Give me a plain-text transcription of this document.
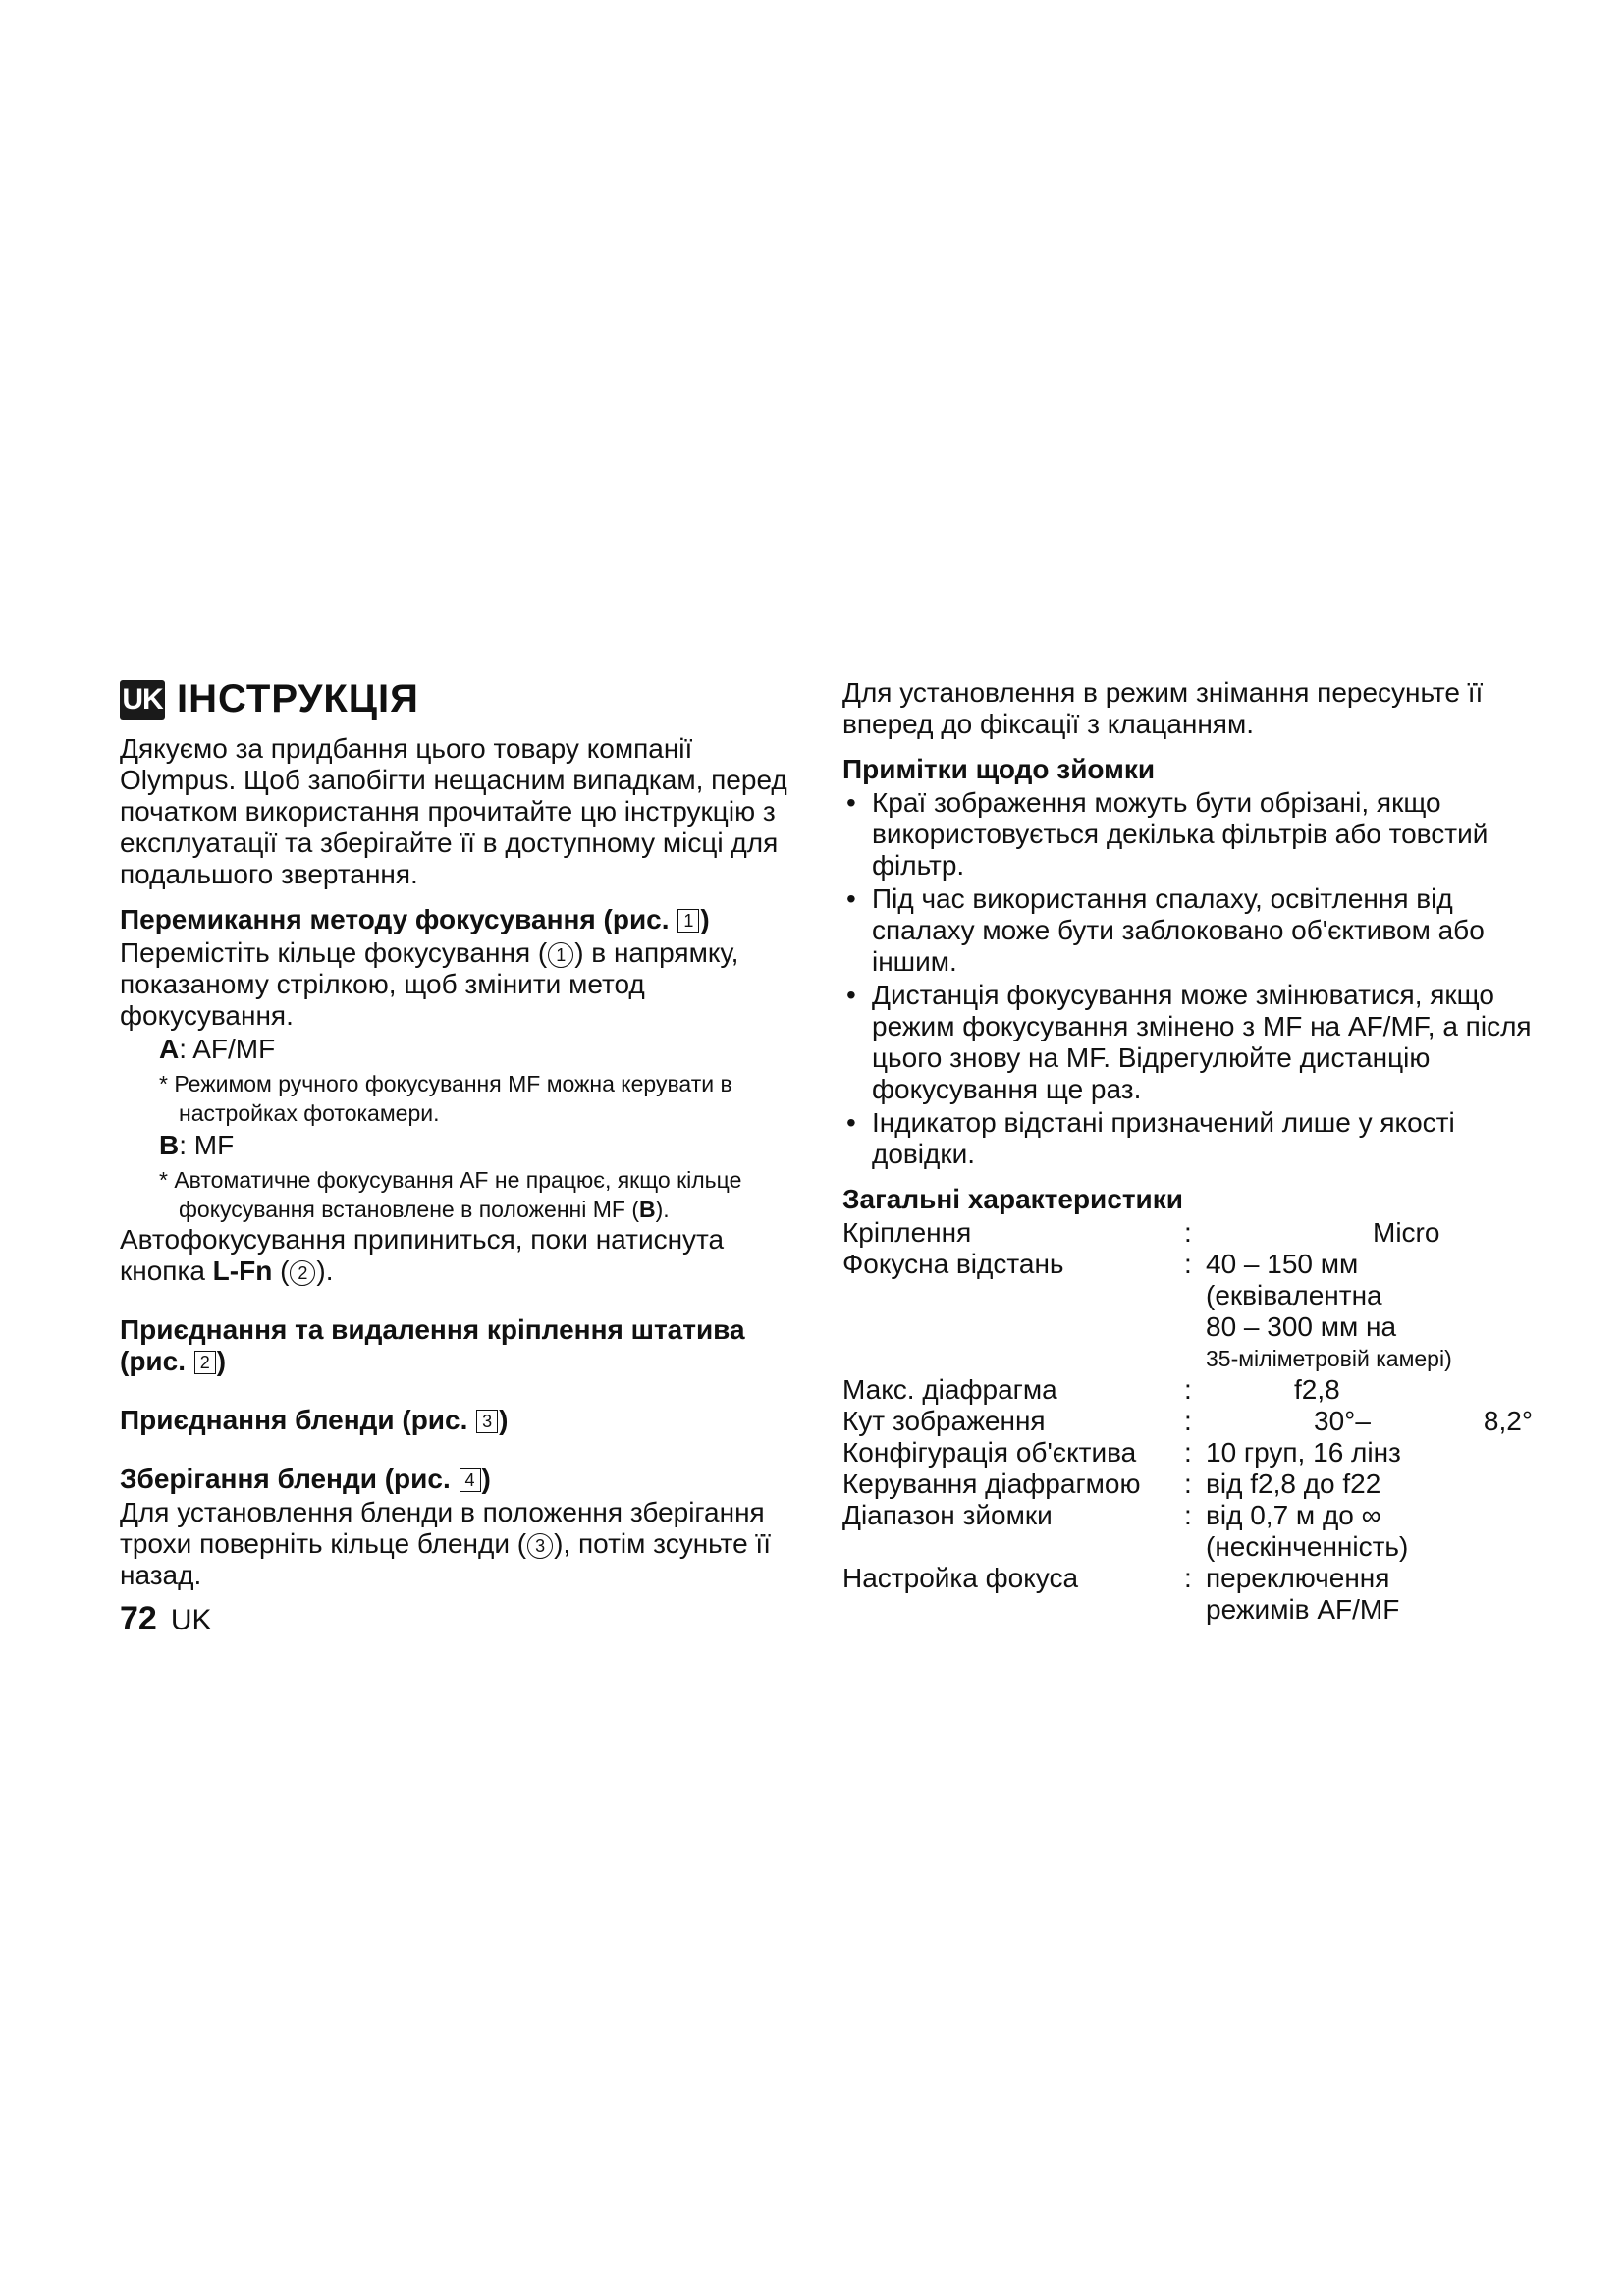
UK ІНСТРУКЦІЯ

Дякуємо за придбання цього товару компанії Olympus. Щоб запобігти нещасним випадкам, перед початком використання прочитайте цю інструкцію з експлуатації та зберігайте її в доступному місці для подальшого звертання.

Перемикання методу фокусування (рис. 1 )

Перемістіть кільце фокусування ( 1 ) в напрямку, показаному стрілкою, щоб змінити метод фокусування.

A: AF/MF
* Режимом ручного фокусування MF можна керувати в настройках фотокамери.
B: MF
* Автоматичне фокусування AF не працює, якщо кільце фокусування встановлене в положенні MF (B).

Автофокусування припиниться, поки натиснута кнопка L-Fn ( 2 ).

Приєднання та видалення кріплення штатива (рис. 2 )
Приєднання бленди (рис. 3 )
Зберігання бленди (рис. 4 )

Для установлення бленди в положення зберігання трохи поверніть кільце бленди ( 3 ), потім зсуньте її назад.

Для установлення в режим знімання пересуньте її вперед до фіксації з клацанням.

Примітки щодо зйомки
• Краї зображення можуть бути обрізані, якщо використовується декілька фільтрів або товстий фільтр.
• Під час використання спалаху, освітлення від спалаху може бути заблоковано об'єктивом або іншим.
• Дистанція фокусування може змінюватися, якщо режим фокусування змінено з MF на AF/MF, а після цього знову на MF. Відрегулюйте дистанцію фокусування ще раз.
• Індикатор відстані призначений лише у якості довідки.
Загальні характеристики
Кріплення	:	Micro
Фокусна відстань	:	40 – 150 мм
(еквівалентна
80 – 300 мм на
35-міліметровій камері)

Макс. діафрагма	:	f2,8
Кут зображення	:	30°– 8,2°
Конфігурація об'єктива	:	10 груп, 16 лінз
Керування діафрагмою	:	від f2,8 до f22
Діапазон зйомки	:	від 0,7 м до ∞
(нескінченність)

Настройка фокуса	:	переключення
режимів AF/MF
72 UK
